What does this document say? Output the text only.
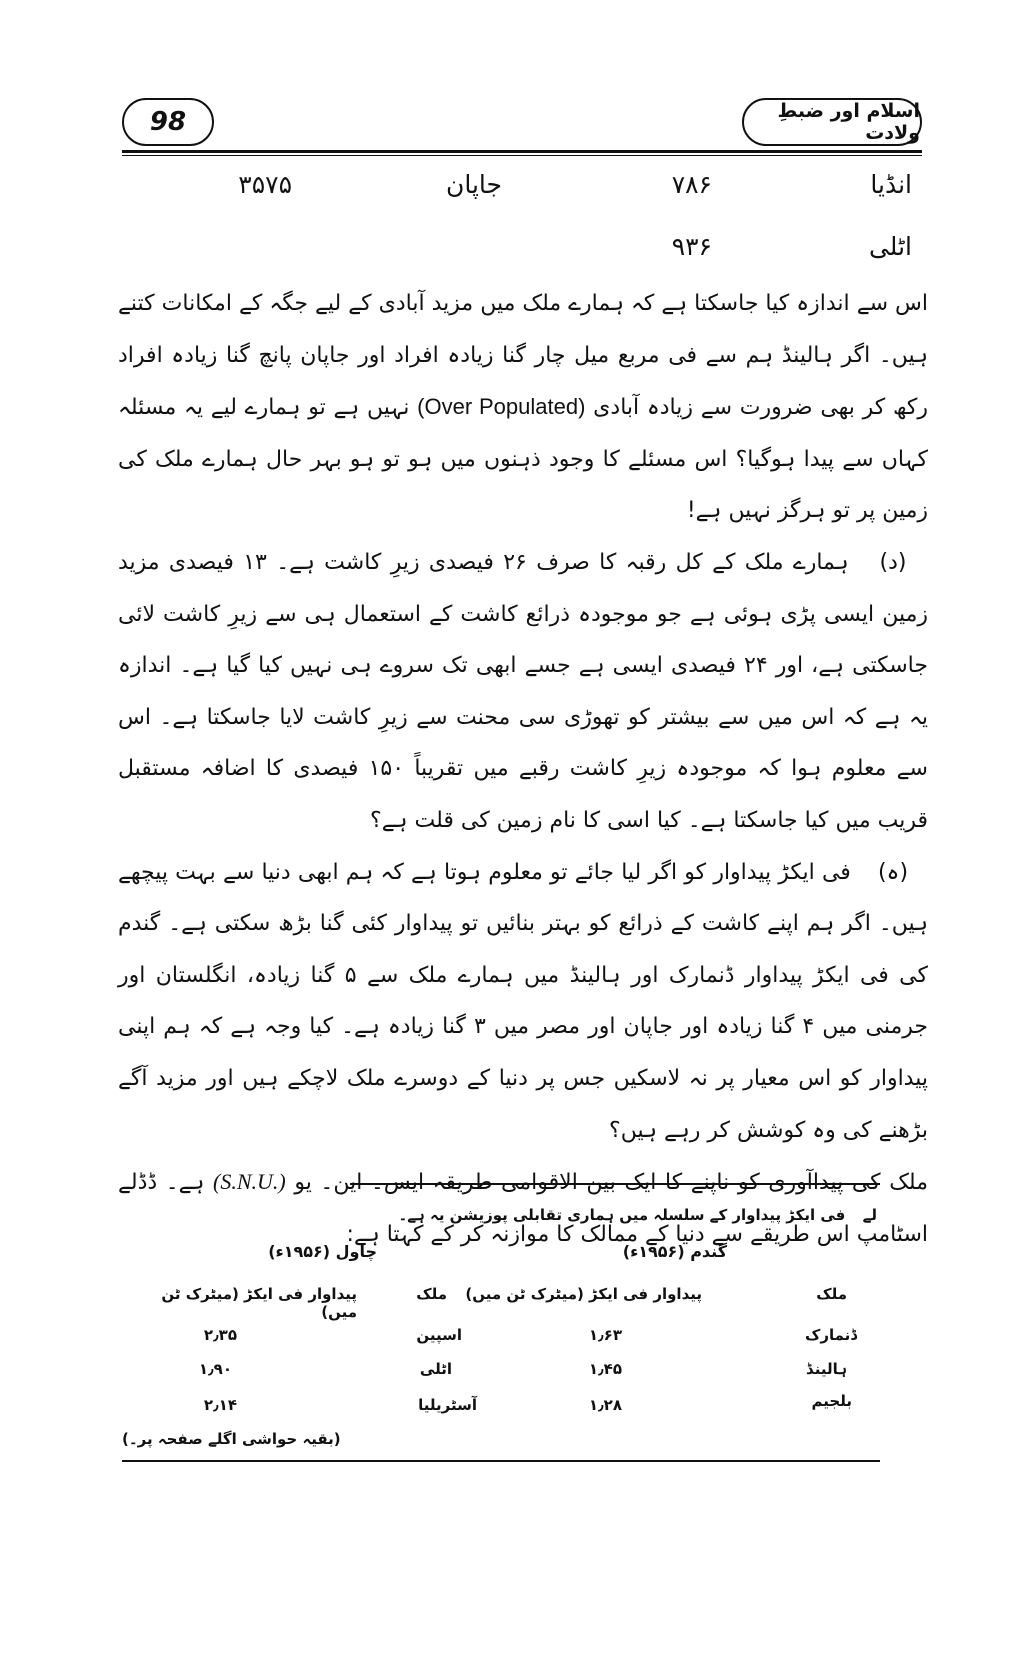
98	اسلام اور ضبطِ ولادت
انڈیا
۷۸۶
جاپان
۳۵۷۵
اٹلی
۹۳۶

اس سے اندازہ کیا جاسکتا ہے کہ ہمارے ملک میں مزید آبادی کے لیے جگہ کے امکانات کتنے ہیں۔ اگر ہالینڈ ہم سے فی مربع میل چار گنا زیادہ افراد اور جاپان پانچ گنا زیادہ افراد رکھ کر بھی ضرورت سے زیادہ آبادی (Over Populated) نہیں ہے تو ہمارے لیے یہ مسئلہ کہاں سے پیدا ہوگیا؟ اس مسئلے کا وجود ذہنوں میں ہو تو ہو بہر حال ہمارے ملک کی زمین پر تو ہرگز نہیں ہے!

(د) ہمارے ملک کے کل رقبہ کا صرف ۲۶ فیصدی زیرِ کاشت ہے۔ ۱۳ فیصدی مزید زمین ایسی پڑی ہوئی ہے جو موجودہ ذرائع کاشت کے استعمال ہی سے زیرِ کاشت لائی جاسکتی ہے، اور ۲۴ فیصدی ایسی ہے جسے ابھی تک سروے ہی نہیں کیا گیا ہے۔ اندازہ یہ ہے کہ اس میں سے بیشتر کو تھوڑی سی محنت سے زیرِ کاشت لایا جاسکتا ہے۔ اس سے معلوم ہوا کہ موجودہ زیرِ کاشت رقبے میں تقریباً ۱۵۰ فیصدی کا اضافہ مستقبل قریب میں کیا جاسکتا ہے۔ کیا اسی کا نام زمین کی قلت ہے؟

(ہ) فی ایکڑ پیداوار کو اگر لیا جائے تو معلوم ہوتا ہے کہ ہم ابھی دنیا سے بہت پیچھے ہیں۔ اگر ہم اپنے کاشت کے ذرائع کو بہتر بنائیں تو پیداوار کئی گنا بڑھ سکتی ہے۔ گندم کی فی ایکڑ پیداوار ڈنمارک اور ہالینڈ میں ہمارے ملک سے ۵ گنا زیادہ، انگلستان اور جرمنی میں ۴ گنا زیادہ اور جاپان اور مصر میں ۳ گنا زیادہ ہے۔ کیا وجہ ہے کہ ہم اپنی پیداوار کو اس معیار پر نہ لاسکیں جس پر دنیا کے دوسرے ملک لاچکے ہیں اور مزید آگے بڑھنے کی وہ کوشش کر رہے ہیں؟

ملک کی پیداآوری کو ناپنے کا ایک بین الاقوامی طریقہ ایس۔ این۔ یو (S.N.U.) ہے۔ ڈڈلے اسٹامپ اس طریقے سے دنیا کے ممالک کا موازنہ کر کے کہتا ہے:

لے فی ایکڑ پیداوار کے سلسلہ میں ہماری تقابلی پوزیشن یہ ہے۔
گندم (۱۹۵۶ء)
چاول (۱۹۵۶ء)
ملک
پیداوار فی ایکڑ (میٹرک ٹن میں)
ملک
پیداوار فی ایکڑ (میٹرک ٹن میں)
ڈنمارک
۱٫۶۳
ہالینڈ
۱٫۴۵
بلجیم
۱٫۲۸
اسپین
۲٫۳۵
اٹلی
۱٫۹۰
آسٹریلیا
۲٫۱۴
(بقیہ حواشی اگلے صفحہ پر۔)
